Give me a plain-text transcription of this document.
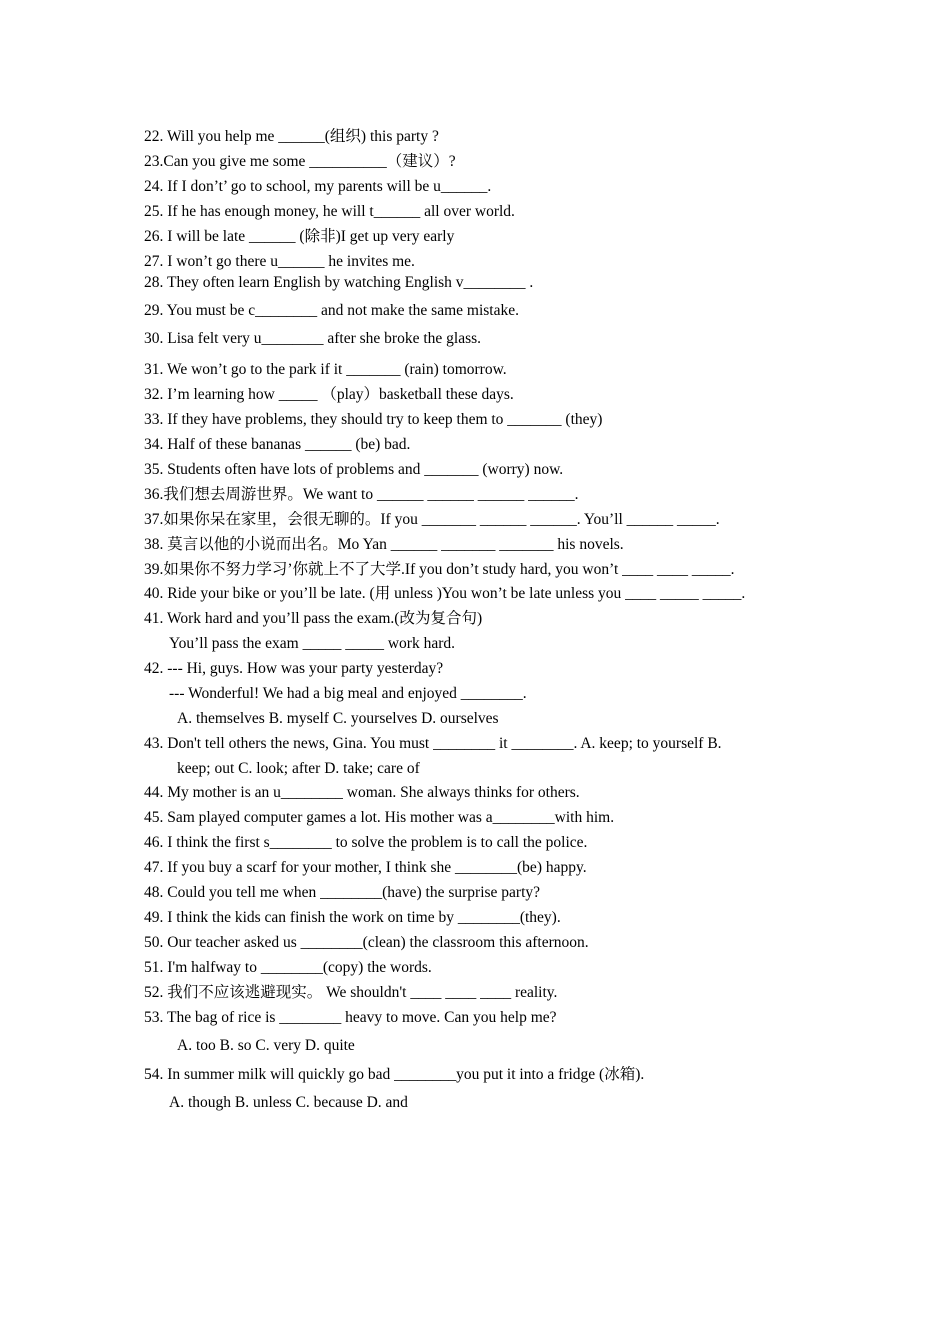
22. Will you help me ______(组织) this party ?
23.Can you give me some __________（建议）?
24. If I don’t’ go to school, my parents will be u______.
25. If he has enough money, he will t______ all over world.
26. I will be late ______ (除非)I get up very early
27. I won’t go there u______ he invites me.
28. They often learn English by watching English v________ .
29. You must be c________ and not make the same mistake.
30. Lisa felt very u________ after she broke the glass.
31. We won’t go to the park if it _______ (rain) tomorrow.
32. I’m learning how _____ （play）basketball these days.
33. If they have problems, they should try to keep them to _______ (they)
34. Half of these bananas ______ (be) bad.
35. Students often have lots of problems and _______ (worry) now.
36.我们想去周游世界。We want to ______ ______ ______ ______.
37.如果你呆在家里，会很无聊的。If you _______ ______ ______. You’ll ______ _____.
38. 莫言以他的小说而出名。Mo Yan ______ _______ _______ his novels.
39.如果你不努力学习’你就上不了大学.If you don’t study hard, you won’t ____ ____ _____.
40. Ride your bike or you’ll be late. (用 unless )You won’t be late unless you ____ _____ _____.
41. Work hard and you’ll pass the exam.(改为复合句)
You’ll pass the exam _____ _____ work hard.
42. --- Hi, guys. How was your party yesterday?
--- Wonderful! We had a big meal and enjoyed ________.
A. themselves B. myself C. yourselves D. ourselves
43. Don't tell others the news, Gina. You must ________ it ________. A. keep; to yourself B.
keep; out C. look; after D. take; care of
44. My mother is an u________ woman. She always thinks for others.
45. Sam played computer games a lot. His mother was a________with him.
46. I think the first s________ to solve the problem is to call the police.
47. If you buy a scarf for your mother, I think she ________(be) happy.
48. Could you tell me when ________(have) the surprise party?
49. I think the kids can finish the work on time by ________(they).
50. Our teacher asked us ________(clean) the classroom this afternoon.
51. I'm halfway to ________(copy) the words.
52. 我们不应该逃避现实。 We shouldn't ____ ____ ____ reality.
53. The bag of rice is ________ heavy to move. Can you help me?
A. too B. so C. very D. quite
54. In summer milk will quickly go bad ________you put it into a fridge (冰箱).
A. though B. unless C. because D. and
